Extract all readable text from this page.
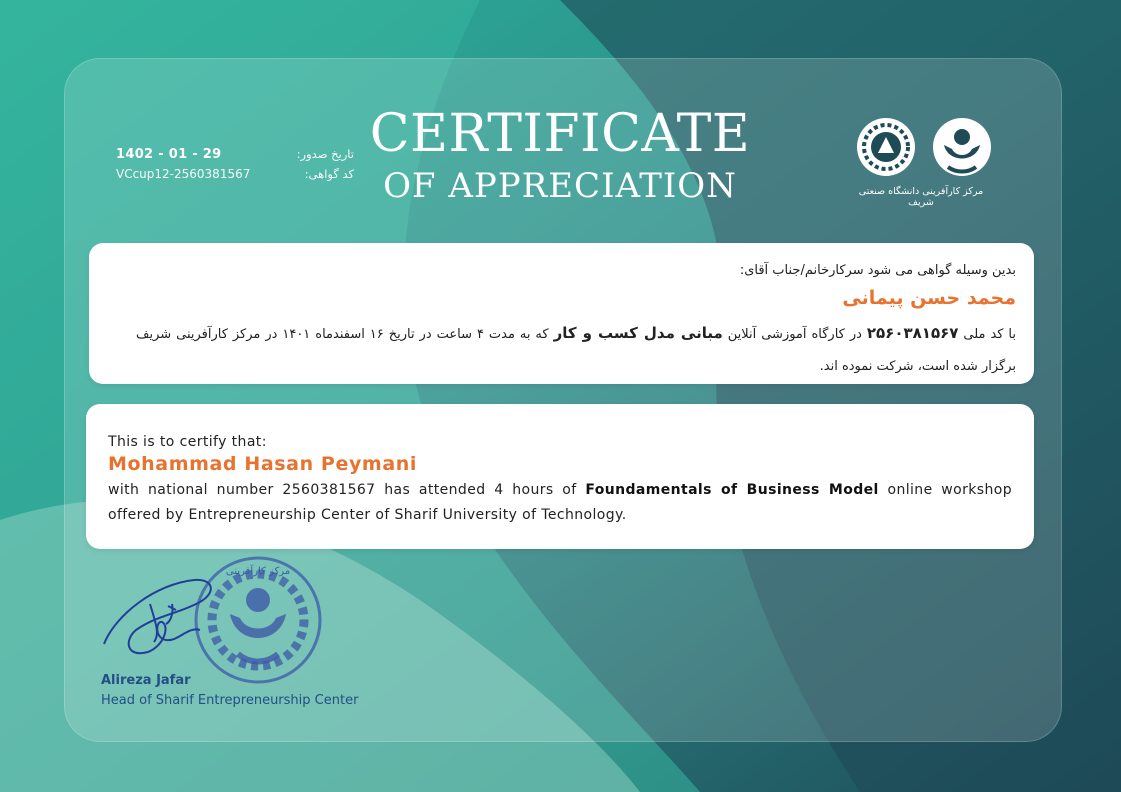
1402 - 01 - 29	تاریخ صدور:
VCcup12-2560381567	کد گواهی:
CERTIFICATE
OF APPRECIATION	مرکز کارآفرینی دانشگاه صنعتی شریف
بدین وسیله گواهی می شود سرکارخانم/جناب آقای:
محمد حسن پیمانی
با کد ملی ۲۵۶۰۳۸۱۵۶۷ در کارگاه آموزشی آنلاین مبانی مدل کسب و کار که به مدت ۴ ساعت در تاریخ ۱۶ اسفندماه ۱۴۰۱ در مرکز کارآفرینی شریف برگزار شده است، شرکت نموده اند.
This is to certify that:
Mohammad Hasan Peymani
with national number 2560381567 has attended 4 hours of Foundamentals of Business Model online workshop offered by Entrepreneurship Center of Sharif University of Technology.
مرکز کارآفرینی
Alireza Jafar
Head of Sharif Entrepreneurship Center
